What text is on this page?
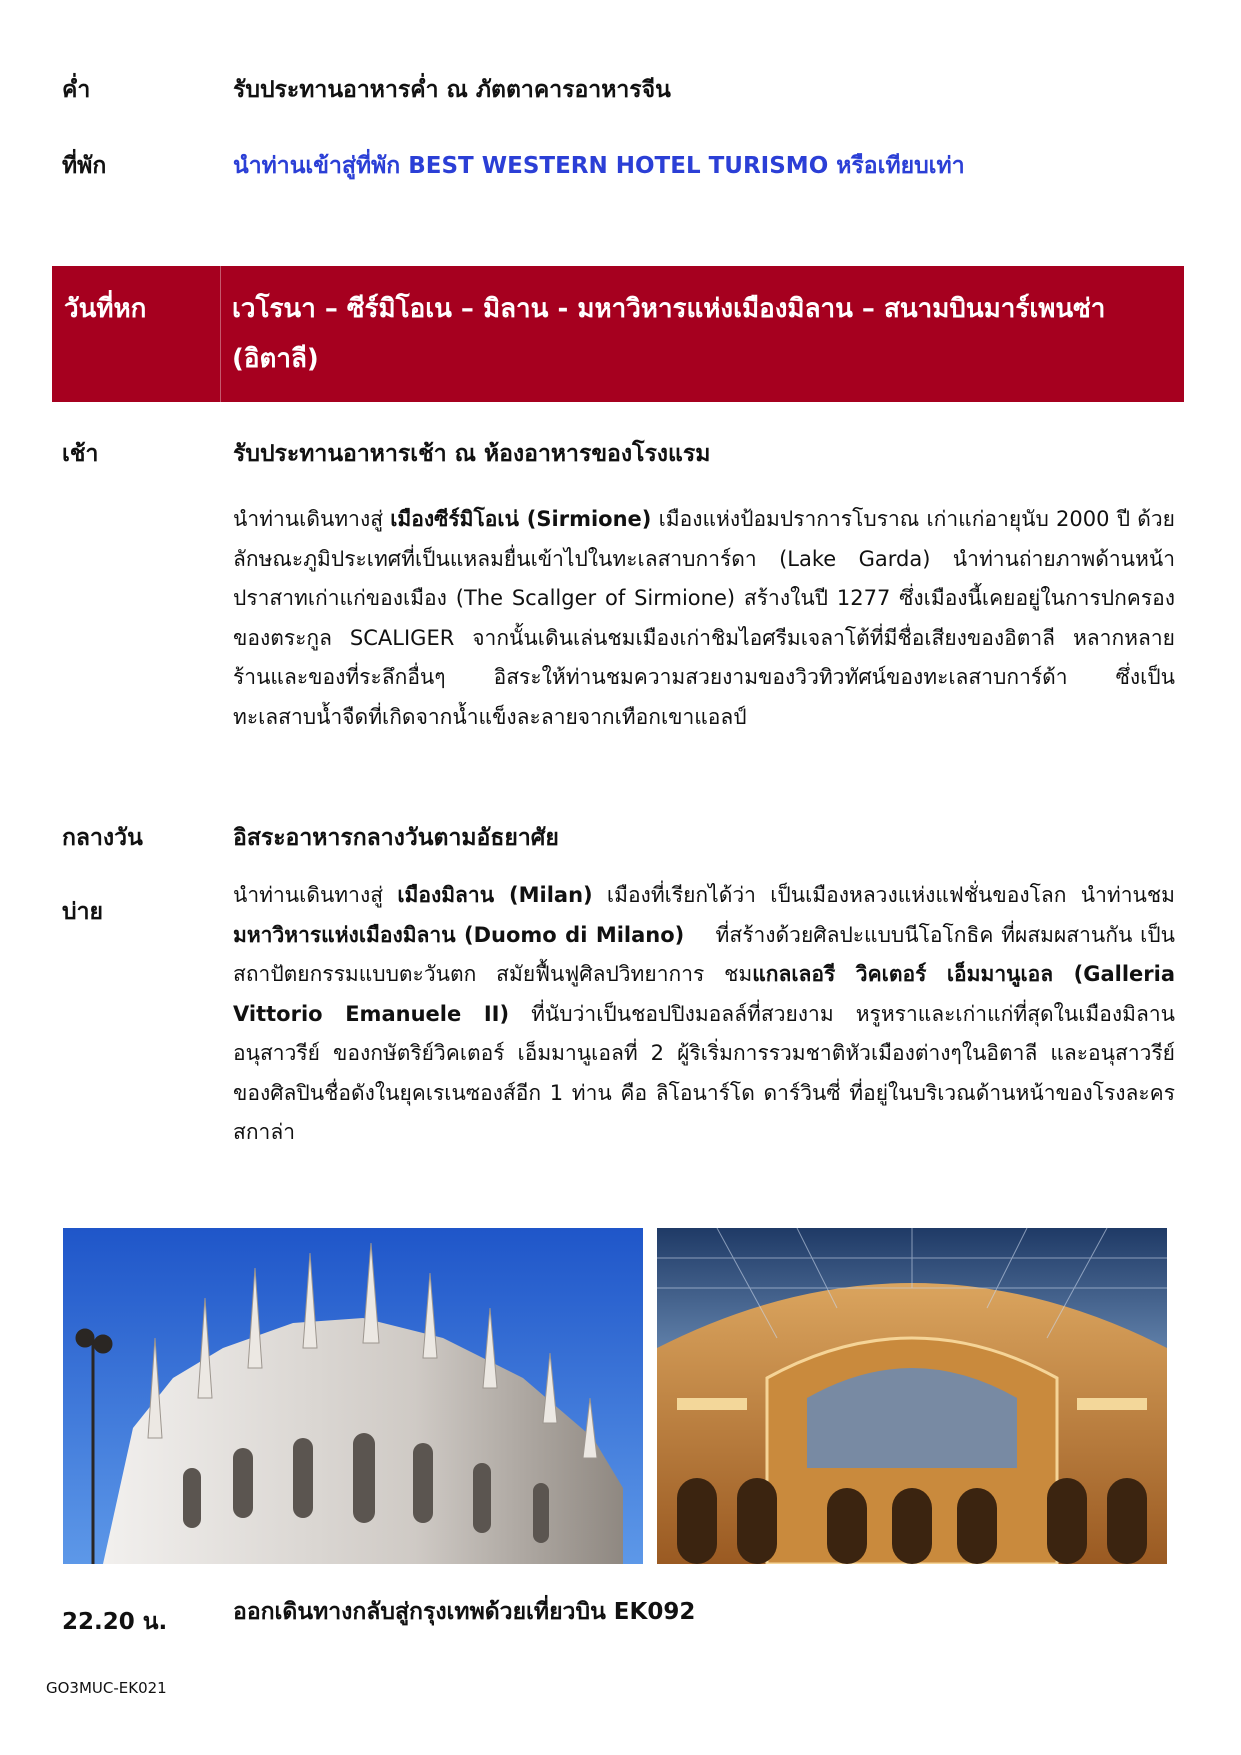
ค่ำ	รับประทานอาหารค่ำ ณ ภัตตาคารอาหารจีน
ที่พัก	นำท่านเข้าสู่ที่พัก BEST WESTERN HOTEL TURISMO หรือเทียบเท่า
วันที่หก	เวโรนา – ซีร์มิโอเน – มิลาน - มหาวิหารแห่งเมืองมิลาน – สนามบินมาร์เพนซ่า
(อิตาลี)
เช้า	รับประทานอาหารเช้า ณ ห้องอาหารของโรงแรม

นำท่านเดินทางสู่ เมืองซีร์มิโอเน่ (Sirmione) เมืองแห่งป้อมปราการโบราณ เก่าแก่อายุนับ 2000 ปี ด้วยลักษณะภูมิประเทศที่เป็นแหลมยื่นเข้าไปในทะเลสาบการ์ดา (Lake Garda) นำท่านถ่ายภาพด้านหน้าปราสาทเก่าแก่ของเมือง (The Scallger of Sirmione) สร้างในปี 1277 ซึ่งเมืองนี้เคยอยู่ในการปกครองของตระกูล SCALIGER จากนั้นเดินเล่นชมเมืองเก่าชิมไอศรีมเจลาโต้ที่มีชื่อเสียงของอิตาลี หลากหลายร้านและของที่ระลึกอื่นๆ อิสระให้ท่านชมความสวยงามของวิวทิวทัศน์ของทะเลสาบการ์ด้า ซึ่งเป็นทะเลสาบน้ำจืดที่เกิดจากน้ำแข็งละลายจากเทือกเขาแอลป์

กลางวัน	อิสระอาหารกลางวันตามอัธยาศัย
บ่าย

นำท่านเดินทางสู่ เมืองมิลาน (Milan) เมืองที่เรียกได้ว่า เป็นเมืองหลวงแห่งแฟชั่นของโลก นำท่านชมมหาวิหารแห่งเมืองมิลาน (Duomo di Milano)    ที่สร้างด้วยศิลปะแบบนีโอโกธิค ที่ผสมผสานกัน เป็นสถาปัตยกรรมแบบตะวันตก สมัยฟื้นฟูศิลปวิทยาการ ชมแกลเลอรี วิคเตอร์ เอ็มมานูเอล (Galleria Vittorio Emanuele II) ที่นับว่าเป็นชอปปิงมอลล์ที่สวยงาม หรูหราและเก่าแก่ที่สุดในเมืองมิลาน อนุสาวรีย์ ของกษัตริย์วิคเตอร์ เอ็มมานูเอลที่ 2 ผู้ริเริ่มการรวมชาติหัวเมืองต่างๆในอิตาลี และอนุสาวรีย์ของศิลปินชื่อดังในยุคเรเนซองส์อีก 1 ท่าน คือ ลิโอนาร์โด ดาร์วินซี่ ที่อยู่ในบริเวณด้านหน้าของโรงละครสกาล่า

22.20 น.	ออกเดินทางกลับสู่กรุงเทพด้วยเที่ยวบิน EK092
GO3MUC-EK021
